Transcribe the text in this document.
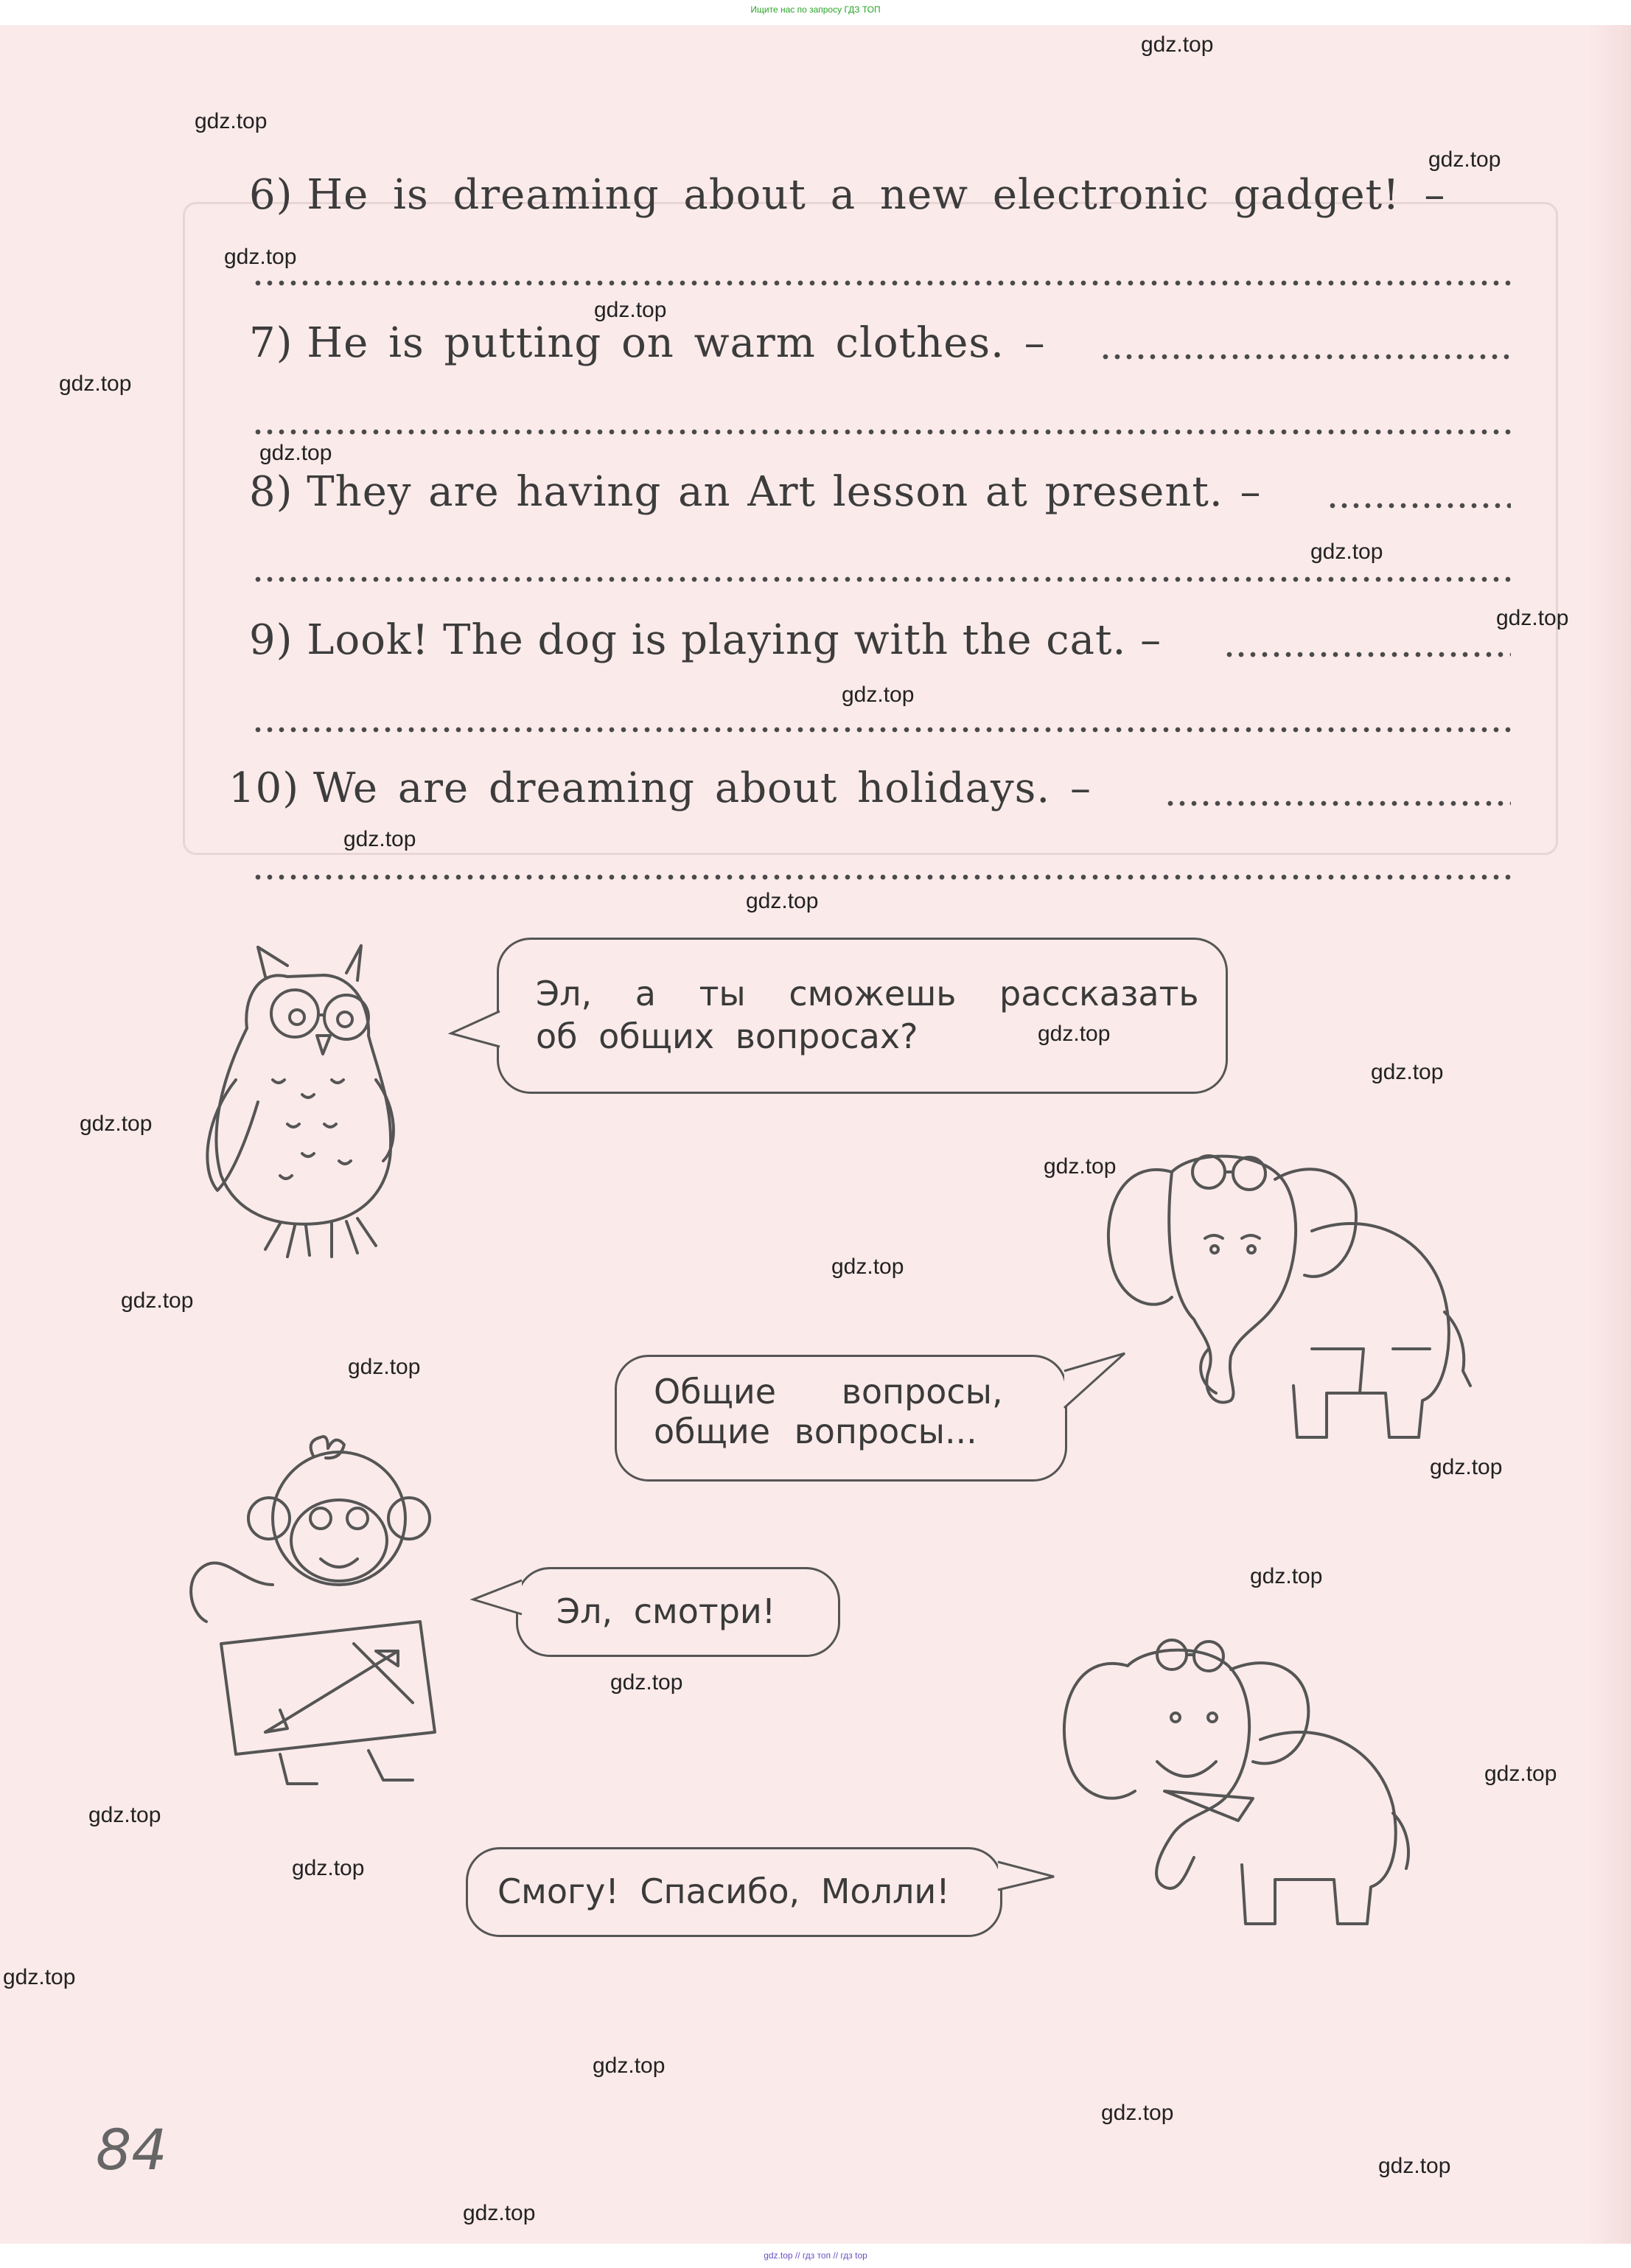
Ищите нас по запросу ГДЗ ТОП
6) He is dreaming about a new electronic gadget! –
7) He is putting on warm clothes. –
8) They are having an Art lesson at present. –
9) Look! The dog is playing with the cat. –
10) We are dreaming about holidays. –
Эл, а ты сможешь рассказать
об общих вопросах?
Общие вопросы,
общие вопросы...
Эл, смотри!
Смогу! Спасибо, Молли!
84
gdz.top
gdz.top
gdz.top
gdz.top
gdz.top
gdz.top
gdz.top
gdz.top
gdz.top
gdz.top
gdz.top
gdz.top
gdz.top
gdz.top
gdz.top
gdz.top
gdz.top
gdz.top
gdz.top
gdz.top
gdz.top
gdz.top
gdz.top
gdz.top
gdz.top
gdz.top
gdz.top
gdz.top
gdz.top
gdz.top
gdz.top // гдз топ // гдз top
